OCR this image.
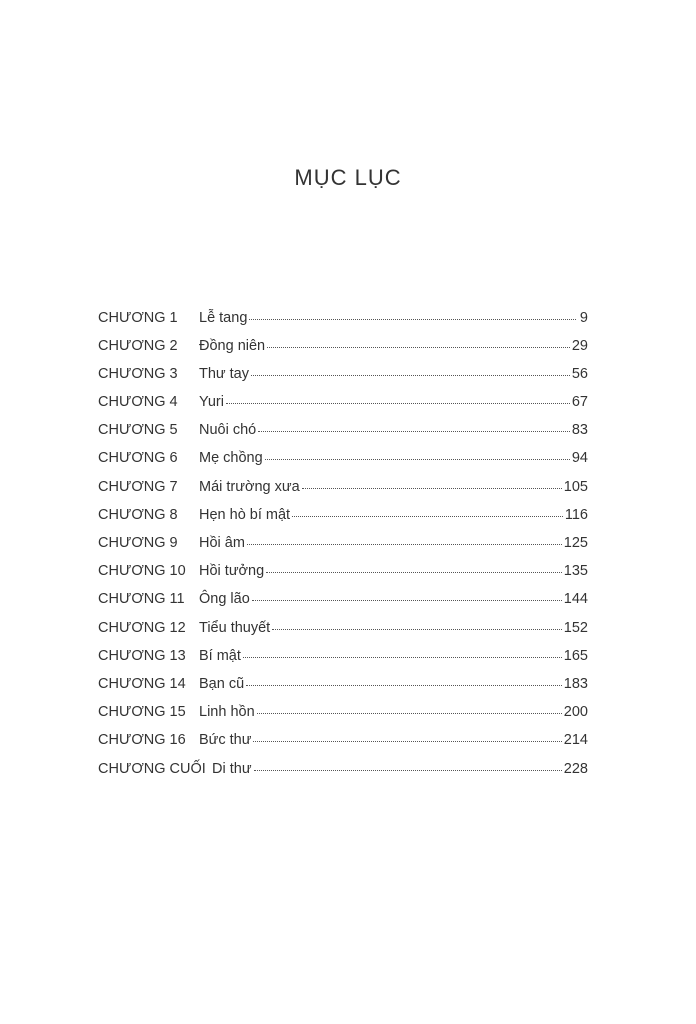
MỤC LỤC
CHƯƠNG 1	Lễ tang	9
CHƯƠNG 2	Đồng niên	29
CHƯƠNG 3	Thư tay	56
CHƯƠNG 4	Yuri	67
CHƯƠNG 5	Nuôi chó	83
CHƯƠNG 6	Mẹ chồng	94
CHƯƠNG 7	Mái trường xưa	105
CHƯƠNG 8	Hẹn hò bí mật	116
CHƯƠNG 9	Hồi âm	125
CHƯƠNG 10 Hồi tưởng	135
CHƯƠNG 11 Ông lão	144
CHƯƠNG 12 Tiểu thuyết	152
CHƯƠNG 13 Bí mật	165
CHƯƠNG 14 Bạn cũ	183
CHƯƠNG 15 Linh hồn	200
CHƯƠNG 16 Bức thư	214
CHƯƠNG CUỐI Di thư	228
